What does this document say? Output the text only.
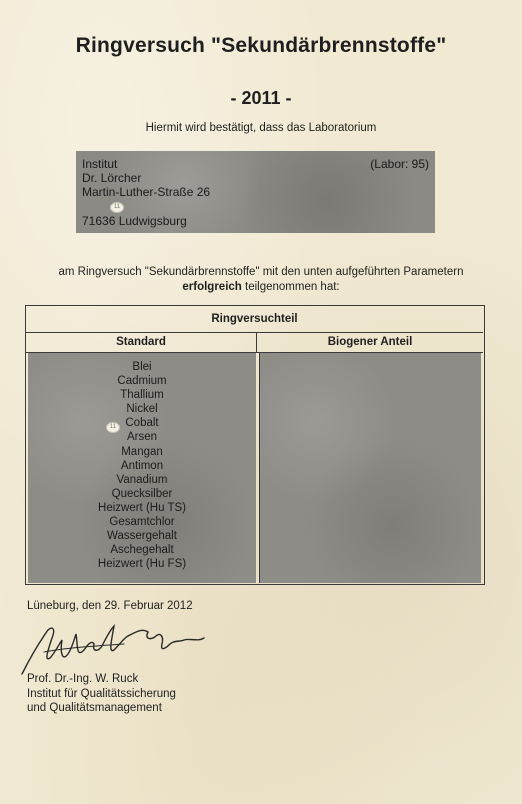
Ringversuch "Sekundärbrennstoffe"
- 2011 -
Hiermit wird bestätigt, dass das Laboratorium
Institut	(Labor: 95)
Dr. Lörcher
Martin-Luther-Straße 26
11
71636 Ludwigsburg
am Ringversuch "Sekundärbrennstoffe" mit den unten aufgeführten Parametern
erfolgreich teilgenommen hat:
Ringversuchteil
Standard	Biogener Anteil
Blei
Cadmium
Thallium
Nickel
Cobalt
Arsen
Mangan
Antimon
Vanadium
Quecksilber
Heizwert (Hu TS)
Gesamtchlor
Wassergehalt
Aschegehalt
Heizwert (Hu FS)
11
Lüneburg, den 29. Februar 2012
Prof. Dr.-Ing. W. Ruck
Institut für Qualitätssicherung
und Qualitätsmanagement
